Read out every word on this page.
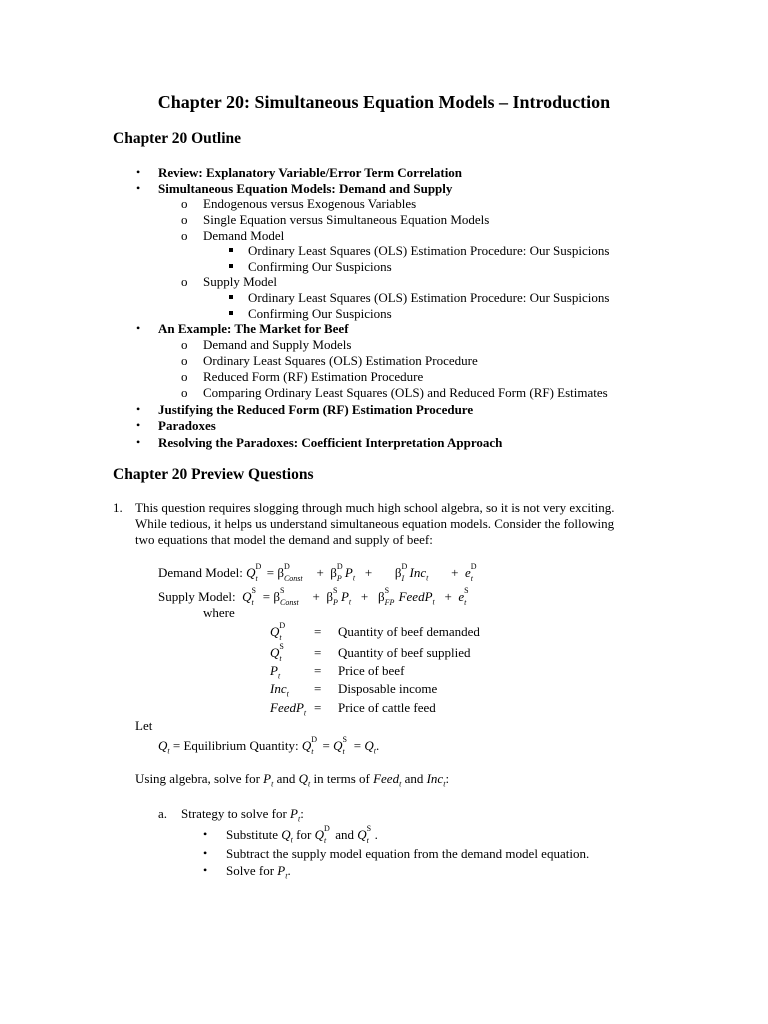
Chapter 20: Simultaneous Equation Models – Introduction
Chapter 20 Outline
• Review: Explanatory Variable/Error Term Correlation
• Simultaneous Equation Models: Demand and Supply
o Endogenous versus Exogenous Variables
o Single Equation versus Simultaneous Equation Models
o Demand Model
Ordinary Least Squares (OLS) Estimation Procedure: Our Suspicions
Confirming Our Suspicions
o Supply Model
Ordinary Least Squares (OLS) Estimation Procedure: Our Suspicions
Confirming Our Suspicions
• An Example: The Market for Beef
o Demand and Supply Models
o Ordinary Least Squares (OLS) Estimation Procedure
o Reduced Form (RF) Estimation Procedure
o Comparing Ordinary Least Squares (OLS) and Reduced Form (RF) Estimates
• Justifying the Reduced Form (RF) Estimation Procedure
• Paradoxes
• Resolving the Paradoxes: Coefficient Interpretation Approach
Chapter 20 Preview Questions
1. This question requires slogging through much high school algebra, so it is not very exciting.
While tedious, it helps us understand simultaneous equation models. Consider the following
two equations that model the demand and supply of beef:
Demand Model: Q D
t = β D
Const +  β D
P $P_t$   +       β D
I Inc$_t$       +  e D
t
Supply Model: Q S
t = β S
Const +  β S
P $P_t + \beta$ S
FP FeedP$_t$   +  e S
t
where
Q D
t = Quantity of beef demanded
Q S
t = Quantity of beef supplied
$P_t$	= Price of beef
Inc$_t$ = Disposable income
FeedP$_t$ = Price of cattle feed
Let
$Q_t$ = Equilibrium Quantity: Q D
t = Q S
$t = Q_t$.
Using algebra, solve for $P_t$ and $Q_t$ in terms of Feed$_t$ and Inc$_t$:
a. Strategy to solve for $P_t$:
• Substitute $Q_t$ for Q D
t and Q S
t .
• Subtract the supply model equation from the demand model equation.
• Solve for $P_t$.
